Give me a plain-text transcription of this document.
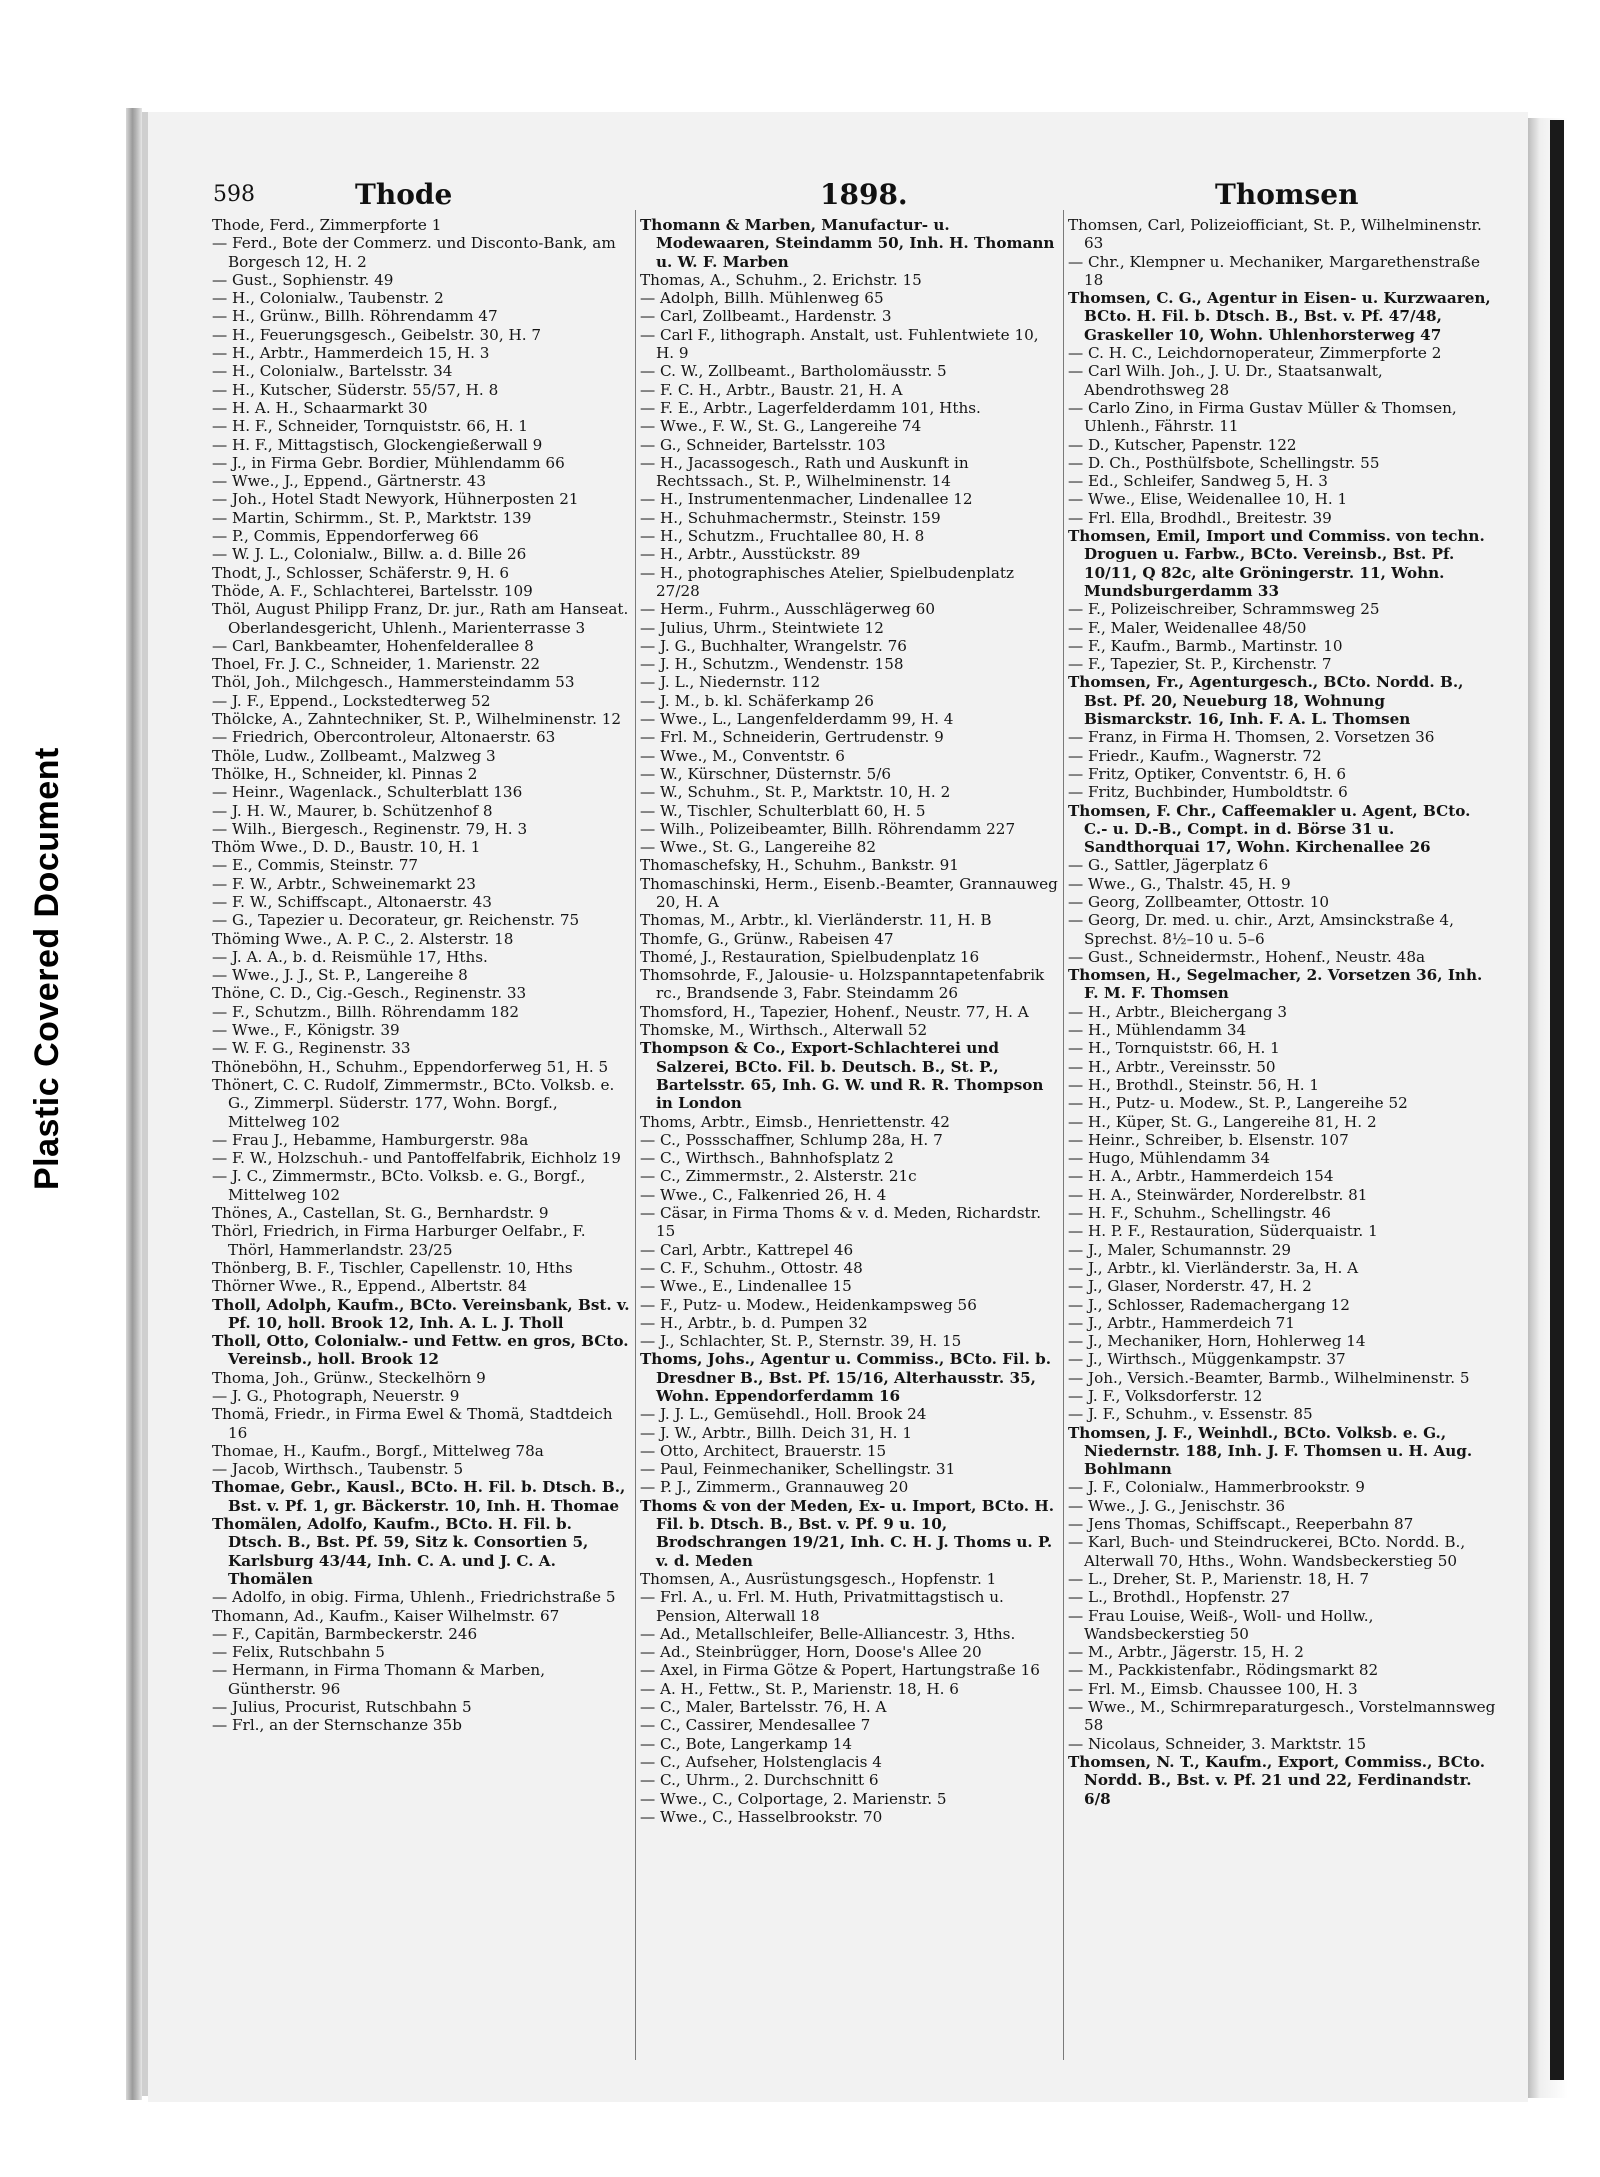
Plastic Covered Document
598	Thode	1898.	Thomsen

Thode, Ferd., Zimmerpforte 1

— Ferd., Bote der Commerz. und Disconto-Bank, am Borgesch 12, H. 2

— Gust., Sophienstr. 49

— H., Colonialw., Taubenstr. 2

— H., Grünw., Billh. Röhrendamm 47

— H., Feuerungsgesch., Geibelstr. 30, H. 7

— H., Arbtr., Hammerdeich 15, H. 3

— H., Colonialw., Bartelsstr. 34

— H., Kutscher, Süderstr. 55/57, H. 8

— H. A. H., Schaarmarkt 30

— H. F., Schneider, Tornquiststr. 66, H. 1

— H. F., Mittagstisch, Glockengießerwall 9

— J., in Firma Gebr. Bordier, Mühlendamm 66

— Wwe., J., Eppend., Gärtnerstr. 43

— Joh., Hotel Stadt Newyork, Hühnerposten 21

— Martin, Schirmm., St. P., Marktstr. 139

— P., Commis, Eppendorferweg 66

— W. J. L., Colonialw., Billw. a. d. Bille 26

Thodt, J., Schlosser, Schäferstr. 9, H. 6

Thöde, A. F., Schlachterei, Bartelsstr. 109

Thöl, August Philipp Franz, Dr. jur., Rath am Hanseat. Oberlandesgericht, Uhlenh., Marienterrasse 3

— Carl, Bankbeamter, Hohenfelderallee 8

Thoel, Fr. J. C., Schneider, 1. Marienstr. 22

Thöl, Joh., Milchgesch., Hammersteindamm 53

— J. F., Eppend., Lockstedterweg 52

Thölcke, A., Zahntechniker, St. P., Wilhelminenstr. 12

— Friedrich, Obercontroleur, Altonaerstr. 63

Thöle, Ludw., Zollbeamt., Malzweg 3

Thölke, H., Schneider, kl. Pinnas 2

— Heinr., Wagenlack., Schulterblatt 136

— J. H. W., Maurer, b. Schützenhof 8

— Wilh., Biergesch., Reginenstr. 79, H. 3

Thöm Wwe., D. D., Baustr. 10, H. 1

— E., Commis, Steinstr. 77

— F. W., Arbtr., Schweinemarkt 23

— F. W., Schiffscapt., Altonaerstr. 43

— G., Tapezier u. Decorateur, gr. Reichenstr. 75

Thöming Wwe., A. P. C., 2. Alsterstr. 18

— J. A. A., b. d. Reismühle 17, Hths.

— Wwe., J. J., St. P., Langereihe 8

Thöne, C. D., Cig.-Gesch., Reginenstr. 33

— F., Schutzm., Billh. Röhrendamm 182

— Wwe., F., Königstr. 39

— W. F. G., Reginenstr. 33

Thöneböhn, H., Schuhm., Eppendorferweg 51, H. 5

Thönert, C. C. Rudolf, Zimmermstr., BCto. Volksb. e. G., Zimmerpl. Süderstr. 177, Wohn. Borgf., Mittelweg 102

— Frau J., Hebamme, Hamburgerstr. 98a

— F. W., Holzschuh.- und Pantoffelfabrik, Eichholz 19

— J. C., Zimmermstr., BCto. Volksb. e. G., Borgf., Mittelweg 102

Thönes, A., Castellan, St. G., Bernhardstr. 9

Thörl, Friedrich, in Firma Harburger Oelfabr., F. Thörl, Hammerlandstr. 23/25

Thönberg, B. F., Tischler, Capellenstr. 10, Hths

Thörner Wwe., R., Eppend., Albertstr. 84

Tholl, Adolph, Kaufm., BCto. Vereinsbank, Bst. v. Pf. 10, holl. Brook 12, Inh. A. L. J. Tholl

Tholl, Otto, Colonialw.- und Fettw. en gros, BCto. Vereinsb., holl. Brook 12

Thoma, Joh., Grünw., Steckelhörn 9

— J. G., Photograph, Neuerstr. 9

Thomä, Friedr., in Firma Ewel & Thomä, Stadtdeich 16

Thomae, H., Kaufm., Borgf., Mittelweg 78a

— Jacob, Wirthsch., Taubenstr. 5

Thomae, Gebr., Kausl., BCto. H. Fil. b. Dtsch. B., Bst. v. Pf. 1, gr. Bäckerstr. 10, Inh. H. Thomae

Thomälen, Adolfo, Kaufm., BCto. H. Fil. b. Dtsch. B., Bst. Pf. 59, Sitz k. Consortien 5, Karlsburg 43/44, Inh. C. A. und J. C. A. Thomälen

— Adolfo, in obig. Firma, Uhlenh., Friedrichstraße 5

Thomann, Ad., Kaufm., Kaiser Wilhelmstr. 67

— F., Capitän, Barmbeckerstr. 246

— Felix, Rutschbahn 5

— Hermann, in Firma Thomann & Marben, Güntherstr. 96

— Julius, Procurist, Rutschbahn 5

— Frl., an der Sternschanze 35b

Thomann & Marben, Manufactur- u. Modewaaren, Steindamm 50, Inh. H. Thomann u. W. F. Marben

Thomas, A., Schuhm., 2. Erichstr. 15

— Adolph, Billh. Mühlenweg 65

— Carl, Zollbeamt., Hardenstr. 3

— Carl F., lithograph. Anstalt, ust. Fuhlentwiete 10, H. 9

— C. W., Zollbeamt., Bartholomäusstr. 5

— F. C. H., Arbtr., Baustr. 21, H. A

— F. E., Arbtr., Lagerfelderdamm 101, Hths.

— Wwe., F. W., St. G., Langereihe 74

— G., Schneider, Bartelsstr. 103

— H., Jacassogesch., Rath und Auskunft in Rechtssach., St. P., Wilhelminenstr. 14

— H., Instrumentenmacher, Lindenallee 12

— H., Schuhmachermstr., Steinstr. 159

— H., Schutzm., Fruchtallee 80, H. 8

— H., Arbtr., Ausstückstr. 89

— H., photographisches Atelier, Spielbudenplatz 27/28

— Herm., Fuhrm., Ausschlägerweg 60

— Julius, Uhrm., Steintwiete 12

— J. G., Buchhalter, Wrangelstr. 76

— J. H., Schutzm., Wendenstr. 158

— J. L., Niedernstr. 112

— J. M., b. kl. Schäferkamp 26

— Wwe., L., Langenfelderdamm 99, H. 4

— Frl. M., Schneiderin, Gertrudenstr. 9

— Wwe., M., Conventstr. 6

— W., Kürschner, Düsternstr. 5/6

— W., Schuhm., St. P., Marktstr. 10, H. 2

— W., Tischler, Schulterblatt 60, H. 5

— Wilh., Polizeibeamter, Billh. Röhrendamm 227

— Wwe., St. G., Langereihe 82

Thomaschefsky, H., Schuhm., Bankstr. 91

Thomaschinski, Herm., Eisenb.-Beamter, Grannauweg 20, H. A

Thomas, M., Arbtr., kl. Vierländerstr. 11, H. B

Thomfe, G., Grünw., Rabeisen 47

Thomé, J., Restauration, Spielbudenplatz 16

Thomsohrde, F., Jalousie- u. Holzspanntapetenfabrik rc., Brandsende 3, Fabr. Steindamm 26

Thomsford, H., Tapezier, Hohenf., Neustr. 77, H. A

Thomske, M., Wirthsch., Alterwall 52

Thompson & Co., Export-Schlachterei und Salzerei, BCto. Fil. b. Deutsch. B., St. P., Bartelsstr. 65, Inh. G. W. und R. R. Thompson in London

Thoms, Arbtr., Eimsb., Henriettenstr. 42

— C., Possschaffner, Schlump 28a, H. 7

— C., Wirthsch., Bahnhofsplatz 2

— C., Zimmermstr., 2. Alsterstr. 21c

— Wwe., C., Falkenried 26, H. 4

— Cäsar, in Firma Thoms & v. d. Meden, Richardstr. 15

— Carl, Arbtr., Kattrepel 46

— C. F., Schuhm., Ottostr. 48

— Wwe., E., Lindenallee 15

— F., Putz- u. Modew., Heidenkampsweg 56

— H., Arbtr., b. d. Pumpen 32

— J., Schlachter, St. P., Sternstr. 39, H. 15

Thoms, Johs., Agentur u. Commiss., BCto. Fil. b. Dresdner B., Bst. Pf. 15/16, Alterhausstr. 35, Wohn. Eppendorferdamm 16

— J. J. L., Gemüsehdl., Holl. Brook 24

— J. W., Arbtr., Billh. Deich 31, H. 1

— Otto, Architect, Brauerstr. 15

— Paul, Feinmechaniker, Schellingstr. 31

— P. J., Zimmerm., Grannauweg 20

Thoms & von der Meden, Ex- u. Import, BCto. H. Fil. b. Dtsch. B., Bst. v. Pf. 9 u. 10, Brodschrangen 19/21, Inh. C. H. J. Thoms u. P. v. d. Meden

Thomsen, A., Ausrüstungsgesch., Hopfenstr. 1

— Frl. A., u. Frl. M. Huth, Privatmittagstisch u. Pension, Alterwall 18

— Ad., Metallschleifer, Belle-Alliancestr. 3, Hths.

— Ad., Steinbrügger, Horn, Doose's Allee 20

— Axel, in Firma Götze & Popert, Hartungstraße 16

— A. H., Fettw., St. P., Marienstr. 18, H. 6

— C., Maler, Bartelsstr. 76, H. A

— C., Cassirer, Mendesallee 7

— C., Bote, Langerkamp 14

— C., Aufseher, Holstenglacis 4

— C., Uhrm., 2. Durchschnitt 6

— Wwe., C., Colportage, 2. Marienstr. 5

— Wwe., C., Hasselbrookstr. 70

Thomsen, Carl, Polizeiofficiant, St. P., Wilhelminenstr. 63

— Chr., Klempner u. Mechaniker, Margarethenstraße 18

Thomsen, C. G., Agentur in Eisen- u. Kurzwaaren, BCto. H. Fil. b. Dtsch. B., Bst. v. Pf. 47/48, Graskeller 10, Wohn. Uhlenhorsterweg 47

— C. H. C., Leichdornoperateur, Zimmerpforte 2

— Carl Wilh. Joh., J. U. Dr., Staatsanwalt, Abendrothsweg 28

— Carlo Zino, in Firma Gustav Müller & Thomsen, Uhlenh., Fährstr. 11

— D., Kutscher, Papenstr. 122

— D. Ch., Posthülfsbote, Schellingstr. 55

— Ed., Schleifer, Sandweg 5, H. 3

— Wwe., Elise, Weidenallee 10, H. 1

— Frl. Ella, Brodhdl., Breitestr. 39

Thomsen, Emil, Import und Commiss. von techn. Droguen u. Farbw., BCto. Vereinsb., Bst. Pf. 10/11, Q 82c, alte Gröningerstr. 11, Wohn. Mundsburgerdamm 33

— F., Polizeischreiber, Schrammsweg 25

— F., Maler, Weidenallee 48/50

— F., Kaufm., Barmb., Martinstr. 10

— F., Tapezier, St. P., Kirchenstr. 7

Thomsen, Fr., Agenturgesch., BCto. Nordd. B., Bst. Pf. 20, Neueburg 18, Wohnung Bismarckstr. 16, Inh. F. A. L. Thomsen

— Franz, in Firma H. Thomsen, 2. Vorsetzen 36

— Friedr., Kaufm., Wagnerstr. 72

— Fritz, Optiker, Conventstr. 6, H. 6

— Fritz, Buchbinder, Humboldtstr. 6

Thomsen, F. Chr., Caffeemakler u. Agent, BCto. C.- u. D.-B., Compt. in d. Börse 31 u. Sandthorquai 17, Wohn. Kirchenallee 26

— G., Sattler, Jägerplatz 6

— Wwe., G., Thalstr. 45, H. 9

— Georg, Zollbeamter, Ottostr. 10

— Georg, Dr. med. u. chir., Arzt, Amsinckstraße 4, Sprechst. 8½–10 u. 5–6

— Gust., Schneidermstr., Hohenf., Neustr. 48a

Thomsen, H., Segelmacher, 2. Vorsetzen 36, Inh. F. M. F. Thomsen

— H., Arbtr., Bleichergang 3

— H., Mühlendamm 34

— H., Tornquiststr. 66, H. 1

— H., Arbtr., Vereinsstr. 50

— H., Brothdl., Steinstr. 56, H. 1

— H., Putz- u. Modew., St. P., Langereihe 52

— H., Küper, St. G., Langereihe 81, H. 2

— Heinr., Schreiber, b. Elsenstr. 107

— Hugo, Mühlendamm 34

— H. A., Arbtr., Hammerdeich 154

— H. A., Steinwärder, Norderelbstr. 81

— H. F., Schuhm., Schellingstr. 46

— H. P. F., Restauration, Süderquaistr. 1

— J., Maler, Schumannstr. 29

— J., Arbtr., kl. Vierländerstr. 3a, H. A

— J., Glaser, Norderstr. 47, H. 2

— J., Schlosser, Rademachergang 12

— J., Arbtr., Hammerdeich 71

— J., Mechaniker, Horn, Hohlerweg 14

— J., Wirthsch., Müggenkampstr. 37

— Joh., Versich.-Beamter, Barmb., Wilhelminenstr. 5

— J. F., Volksdorferstr. 12

— J. F., Schuhm., v. Essenstr. 85

Thomsen, J. F., Weinhdl., BCto. Volksb. e. G., Niedernstr. 188, Inh. J. F. Thomsen u. H. Aug. Bohlmann

— J. F., Colonialw., Hammerbrookstr. 9

— Wwe., J. G., Jenischstr. 36

— Jens Thomas, Schiffscapt., Reeperbahn 87

— Karl, Buch- und Steindruckerei, BCto. Nordd. B., Alterwall 70, Hths., Wohn. Wandsbeckerstieg 50

— L., Dreher, St. P., Marienstr. 18, H. 7

— L., Brothdl., Hopfenstr. 27

— Frau Louise, Weiß-, Woll- und Hollw., Wandsbeckerstieg 50

— M., Arbtr., Jägerstr. 15, H. 2

— M., Packkistenfabr., Rödingsmarkt 82

— Frl. M., Eimsb. Chaussee 100, H. 3

— Wwe., M., Schirmreparaturgesch., Vorstelmannsweg 58

— Nicolaus, Schneider, 3. Marktstr. 15

Thomsen, N. T., Kaufm., Export, Commiss., BCto. Nordd. B., Bst. v. Pf. 21 und 22, Ferdinandstr. 6/8
